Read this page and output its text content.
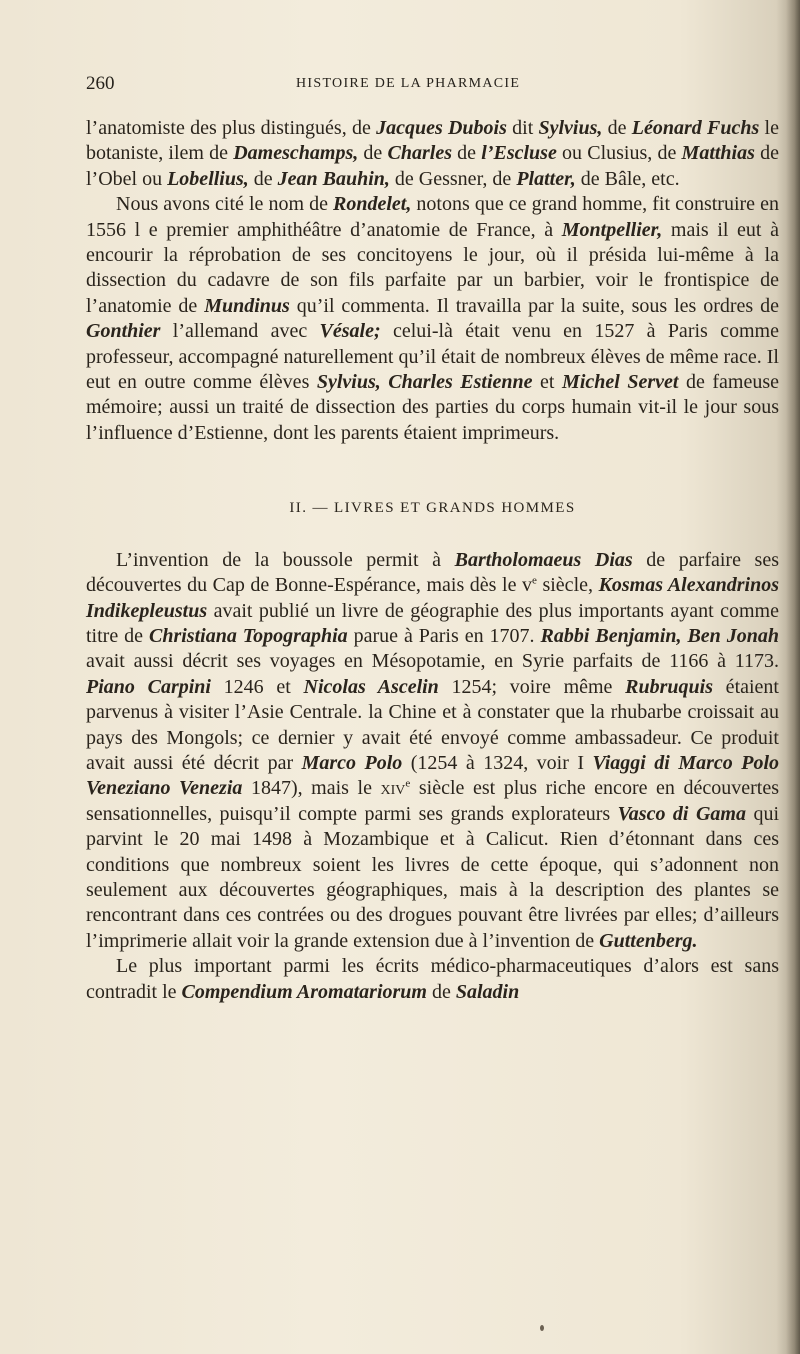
260	HISTOIRE DE LA PHARMACIE

l’anatomiste des plus distingués, de Jacques Dubois dit Sylvius, de Léonard Fuchs le botaniste, ilem de Dameschamps, de Charles de l’Escluse ou Clusius, de Matthias de l’Obel ou Lobellius, de Jean Bauhin, de Gessner, de Platter, de Bâle, etc.

Nous avons cité le nom de Rondelet, notons que ce grand homme, fit construire en 1556 l e premier amphithéâtre d’anatomie de France, à Montpellier, mais il eut à encourir la réprobation de ses concitoyens le jour, où il présida lui-même à la dissection du cadavre de son fils parfaite par un barbier, voir le frontispice de l’anatomie de Mundinus qu’il commenta. Il travailla par la suite, sous les ordres de Gonthier l’allemand avec Vésale; celui-là était venu en 1527 à Paris comme professeur, accompagné naturellement qu’il était de nombreux élèves de même race. Il eut en outre comme élèves Sylvius, Charles Estienne et Michel Servet de fameuse mémoire; aussi un traité de dissection des parties du corps humain vit-il le jour sous l’influence d’Estienne, dont les parents étaient imprimeurs.

II. — LIVRES ET GRANDS HOMMES

L’invention de la boussole permit à Bartholomaeus Dias de parfaire ses découvertes du Cap de Bonne-Espérance, mais dès le $v^e$ siècle, Kosmas Alexandrinos Indikepleustus avait publié un livre de géographie des plus importants ayant comme titre de Christiana Topographia parue à Paris en 1707. Rabbi Benjamin, Ben Jonah avait aussi décrit ses voyages en Mésopotamie, en Syrie parfaits de 1166 à 1173. Piano Carpini 1246 et Nicolas Ascelin 1254; voire même Rubruquis étaient parvenus à visiter l’Asie Centrale. la Chine et à constater que la rhubarbe croissait au pays des Mongols; ce dernier y avait été envoyé comme ambassadeur. Ce produit avait aussi été décrit par Marco Polo (1254 à 1324, voir I Viaggi di Marco Polo Veneziano Venezia 1847), mais le xiv$^e$ siècle est plus riche encore en découvertes sensationnelles, puisqu’il compte parmi ses grands explorateurs Vasco di Gama qui parvint le 20 mai 1498 à Mozambique et à Calicut. Rien d’étonnant dans ces conditions que nombreux soient les livres de cette époque, qui s’adonnent non seulement aux découvertes géographiques, mais à la description des plantes se rencontrant dans ces contrées ou des drogues pouvant être livrées par elles; d’ailleurs l’imprimerie allait voir la grande extension due à l’invention de Guttenberg.

Le plus important parmi les écrits médico-pharmaceutiques d’alors est sans contradit le Compendium Aromatariorum de Saladin
